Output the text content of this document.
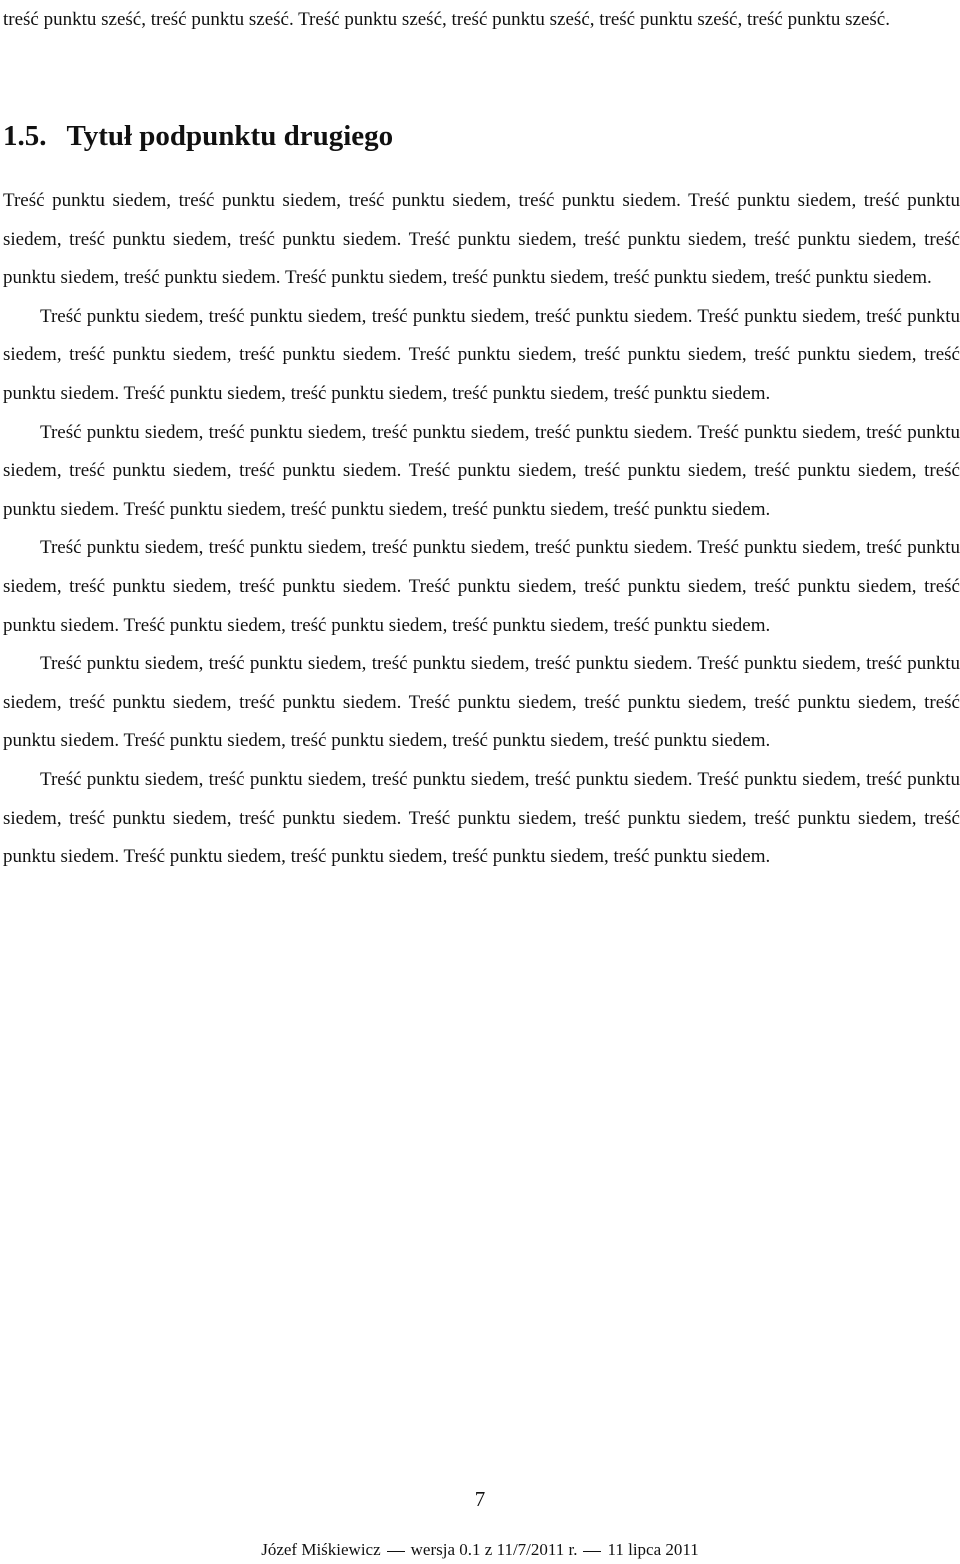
treść punktu sześć, treść punktu sześć. Treść punktu sześć, treść punktu sześć, treść punktu sześć, treść punktu sześć.

1.5. Tytuł podpunktu drugiego

Treść punktu siedem, treść punktu siedem, treść punktu siedem, treść punktu siedem. Treść punktu siedem, treść punktu siedem, treść punktu siedem, treść punktu siedem. Treść punktu siedem, treść punktu siedem, treść punktu siedem, treść punktu siedem, treść punktu siedem. Treść punktu siedem, treść punktu siedem, treść punktu siedem, treść punktu siedem.

Treść punktu siedem, treść punktu siedem, treść punktu siedem, treść punktu siedem. Treść punktu siedem, treść punktu siedem, treść punktu siedem, treść punktu siedem. Treść punktu siedem, treść punktu siedem, treść punktu siedem, treść punktu siedem. Treść punktu siedem, treść punktu siedem, treść punktu siedem, treść punktu siedem.

Treść punktu siedem, treść punktu siedem, treść punktu siedem, treść punktu siedem. Treść punktu siedem, treść punktu siedem, treść punktu siedem, treść punktu siedem. Treść punktu siedem, treść punktu siedem, treść punktu siedem, treść punktu siedem. Treść punktu siedem, treść punktu siedem, treść punktu siedem, treść punktu siedem.

Treść punktu siedem, treść punktu siedem, treść punktu siedem, treść punktu siedem. Treść punktu siedem, treść punktu siedem, treść punktu siedem, treść punktu siedem. Treść punktu siedem, treść punktu siedem, treść punktu siedem, treść punktu siedem. Treść punktu siedem, treść punktu siedem, treść punktu siedem, treść punktu siedem.

Treść punktu siedem, treść punktu siedem, treść punktu siedem, treść punktu siedem. Treść punktu siedem, treść punktu siedem, treść punktu siedem, treść punktu siedem. Treść punktu siedem, treść punktu siedem, treść punktu siedem, treść punktu siedem. Treść punktu siedem, treść punktu siedem, treść punktu siedem, treść punktu siedem.

Treść punktu siedem, treść punktu siedem, treść punktu siedem, treść punktu siedem. Treść punktu siedem, treść punktu siedem, treść punktu siedem, treść punktu siedem. Treść punktu siedem, treść punktu siedem, treść punktu siedem, treść punktu siedem. Treść punktu siedem, treść punktu siedem, treść punktu siedem, treść punktu siedem.

7

Józef Miśkiewicz wersja 0.1 z 11/7/2011 r. 11 lipca 2011
